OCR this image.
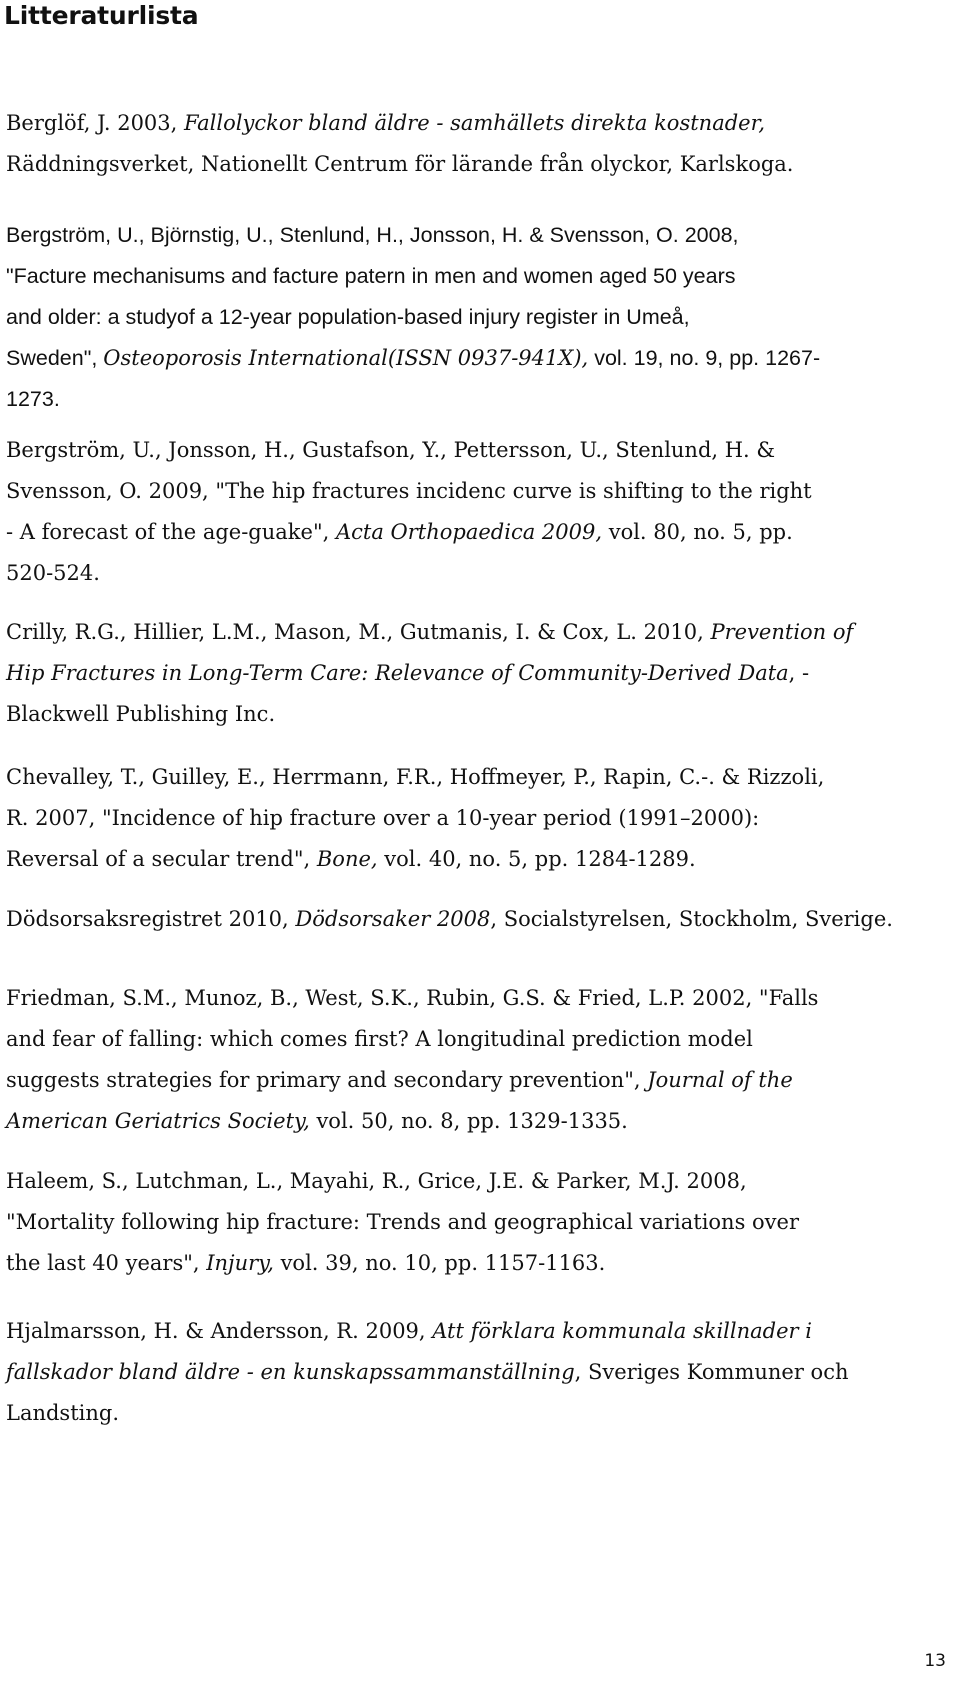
Litteraturlista
Berglöf, J. 2003, Fallolyckor bland äldre - samhällets direkta kostnader,
Räddningsverket, Nationellt Centrum för lärande från olyckor, Karlskoga.
Bergström, U., Björnstig, U., Stenlund, H., Jonsson, H. & Svensson, O. 2008,
"Facture mechanisums and facture patern in men and women aged 50 years
and older: a studyof a 12-year population-based injury register in Umeå,
Sweden", Osteoporosis International(ISSN 0937-941X), vol. 19, no. 9, pp. 1267-
1273.
Bergström, U., Jonsson, H., Gustafson, Y., Pettersson, U., Stenlund, H. &
Svensson, O. 2009, "The hip fractures incidenc curve is shifting to the right
- A forecast of the age-guake", Acta Orthopaedica 2009, vol. 80, no. 5, pp.
520-524.
Crilly, R.G., Hillier, L.M., Mason, M., Gutmanis, I. & Cox, L. 2010, Prevention of
Hip Fractures in Long-Term Care: Relevance of Community-Derived Data, -
Blackwell Publishing Inc.
Chevalley, T., Guilley, E., Herrmann, F.R., Hoffmeyer, P., Rapin, C.-. & Rizzoli,
R. 2007, "Incidence of hip fracture over a 10-year period (1991–2000):
Reversal of a secular trend", Bone, vol. 40, no. 5, pp. 1284-1289.
Dödsorsaksregistret 2010, Dödsorsaker 2008, Socialstyrelsen, Stockholm, Sverige.
Friedman, S.M., Munoz, B., West, S.K., Rubin, G.S. & Fried, L.P. 2002, "Falls
and fear of falling: which comes first? A longitudinal prediction model
suggests strategies for primary and secondary prevention", Journal of the
American Geriatrics Society, vol. 50, no. 8, pp. 1329-1335.
Haleem, S., Lutchman, L., Mayahi, R., Grice, J.E. & Parker, M.J. 2008,
"Mortality following hip fracture: Trends and geographical variations over
the last 40 years", Injury, vol. 39, no. 10, pp. 1157-1163.
Hjalmarsson, H. & Andersson, R. 2009, Att förklara kommunala skillnader i
fallskador bland äldre - en kunskapssammanställning, Sveriges Kommuner och
Landsting.
13
